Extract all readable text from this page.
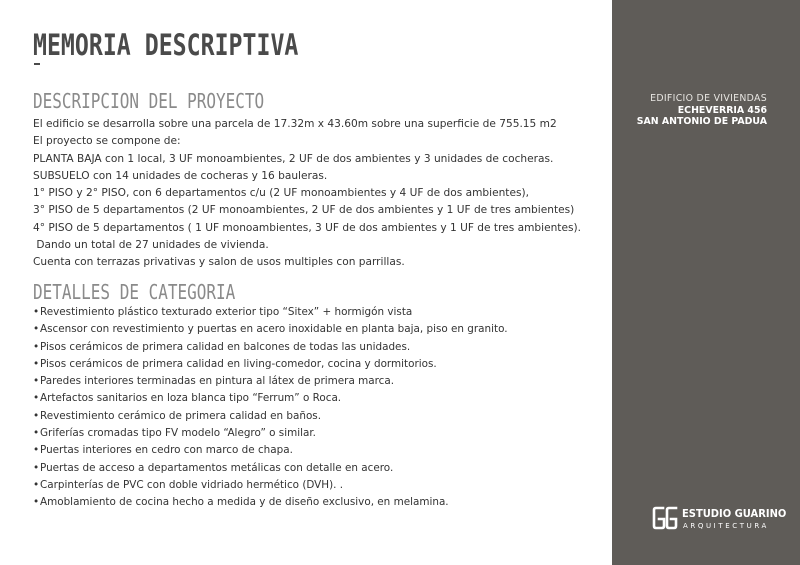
MEMORIA DESCRIPTIVA
DESCRIPCION DEL PROYECTO
El edificio se desarrolla sobre una parcela de 17.32m x 43.60m sobre una superficie de 755.15 m2
El proyecto se compone de:
PLANTA BAJA con 1 local, 3 UF monoambientes, 2 UF de dos ambientes y 3 unidades de cocheras.
SUBSUELO con 14 unidades de cocheras y 16 bauleras.
1° PISO y 2° PISO, con 6 departamentos c/u (2 UF monoambientes y 4 UF de dos ambientes),
3° PISO de 5 departamentos (2 UF monoambientes, 2 UF de dos ambientes y 1 UF de tres ambientes)
4° PISO de 5 departamentos ( 1 UF monoambientes, 3 UF de dos ambientes y 1 UF de tres ambientes).
Dando un total de 27 unidades de vivienda.
Cuenta con terrazas privativas y salon de usos multiples con parrillas.
DETALLES DE CATEGORIA
•Revestimiento plástico texturado exterior tipo “Sitex” + hormigón vista
•Ascensor con revestimiento y puertas en acero inoxidable en planta baja, piso en granito.
•Pisos cerámicos de primera calidad en balcones de todas las unidades.
•Pisos cerámicos de primera calidad en living-comedor, cocina y dormitorios.
•Paredes interiores terminadas en pintura al látex de primera marca.
•Artefactos sanitarios en loza blanca tipo “Ferrum” o Roca.
•Revestimiento cerámico de primera calidad en baños.
•Griferías cromadas tipo FV modelo “Alegro” o similar.
•Puertas interiores en cedro con marco de chapa.
•Puertas de acceso a departamentos metálicas con detalle en acero.
•Carpinterías de PVC con doble vidriado hermético (DVH). .
•Amoblamiento de cocina hecho a medida y de diseño exclusivo, en melamina.
EDIFICIO DE VIVIENDAS
ECHEVERRIA 456
SAN ANTONIO DE PADUA
ESTUDIO GUARINO
ARQUITECTURA
